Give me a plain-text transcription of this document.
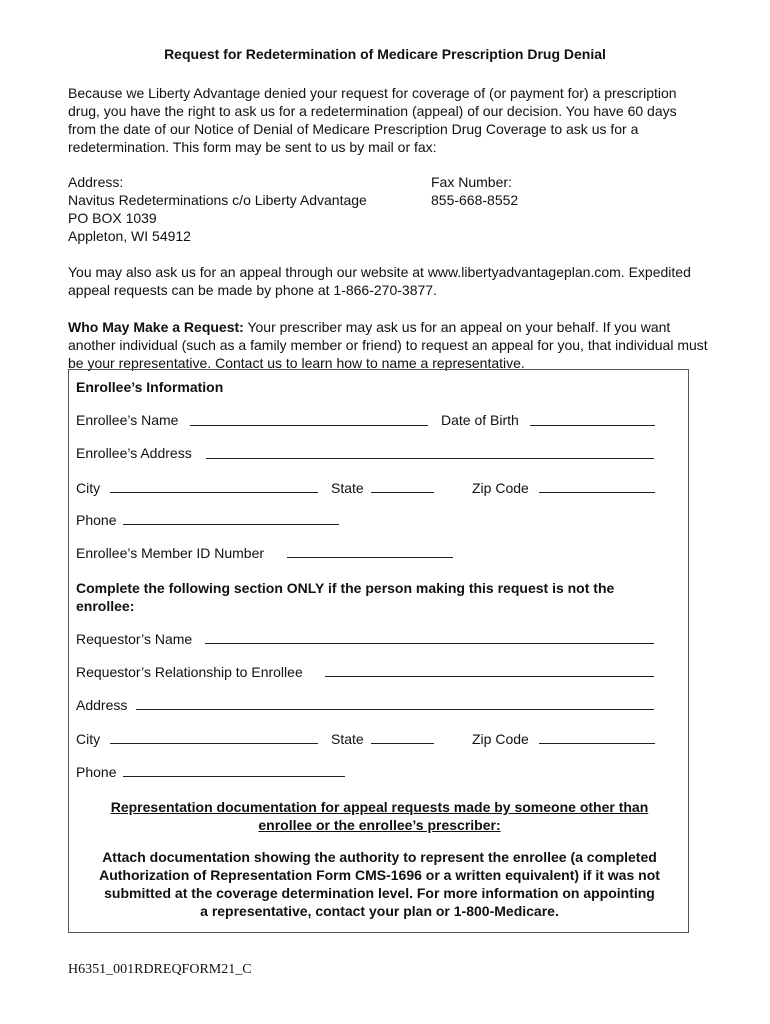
Request for Redetermination of Medicare Prescription Drug Denial
Because we Liberty Advantage denied your request for coverage of (or payment for) a prescription drug, you have the right to ask us for a redetermination (appeal) of our decision. You have 60 days from the date of our Notice of Denial of Medicare Prescription Drug Coverage to ask us for a redetermination. This form may be sent to us by mail or fax:
Address:
Navitus Redeterminations c/o Liberty Advantage
PO BOX 1039
Appleton, WI 54912
Fax Number:
855-668-8552
You may also ask us for an appeal through our website at www.libertyadvantageplan.com. Expedited appeal requests can be made by phone at 1-866-270-3877.
Who May Make a Request: Your prescriber may ask us for an appeal on your behalf. If you want another individual (such as a family member or friend) to request an appeal for you, that individual must be your representative. Contact us to learn how to name a representative.
Enrollee’s Information
Enrollee’s Name	Date of Birth
Enrollee’s Address
City	State	Zip Code
Phone
Enrollee’s Member ID Number
Complete the following section ONLY if the person making this request is not the enrollee:
Requestor’s Name
Requestor’s Relationship to Enrollee
Address
City	State	Zip Code
Phone
Representation documentation for appeal requests made by someone other than
enrollee or the enrollee’s prescriber:
Attach documentation showing the authority to represent the enrollee (a completed
Authorization of Representation Form CMS-1696 or a written equivalent) if it was not
submitted at the coverage determination level. For more information on appointing
a representative, contact your plan or 1-800-Medicare.
H6351_001RDREQFORM21_C
